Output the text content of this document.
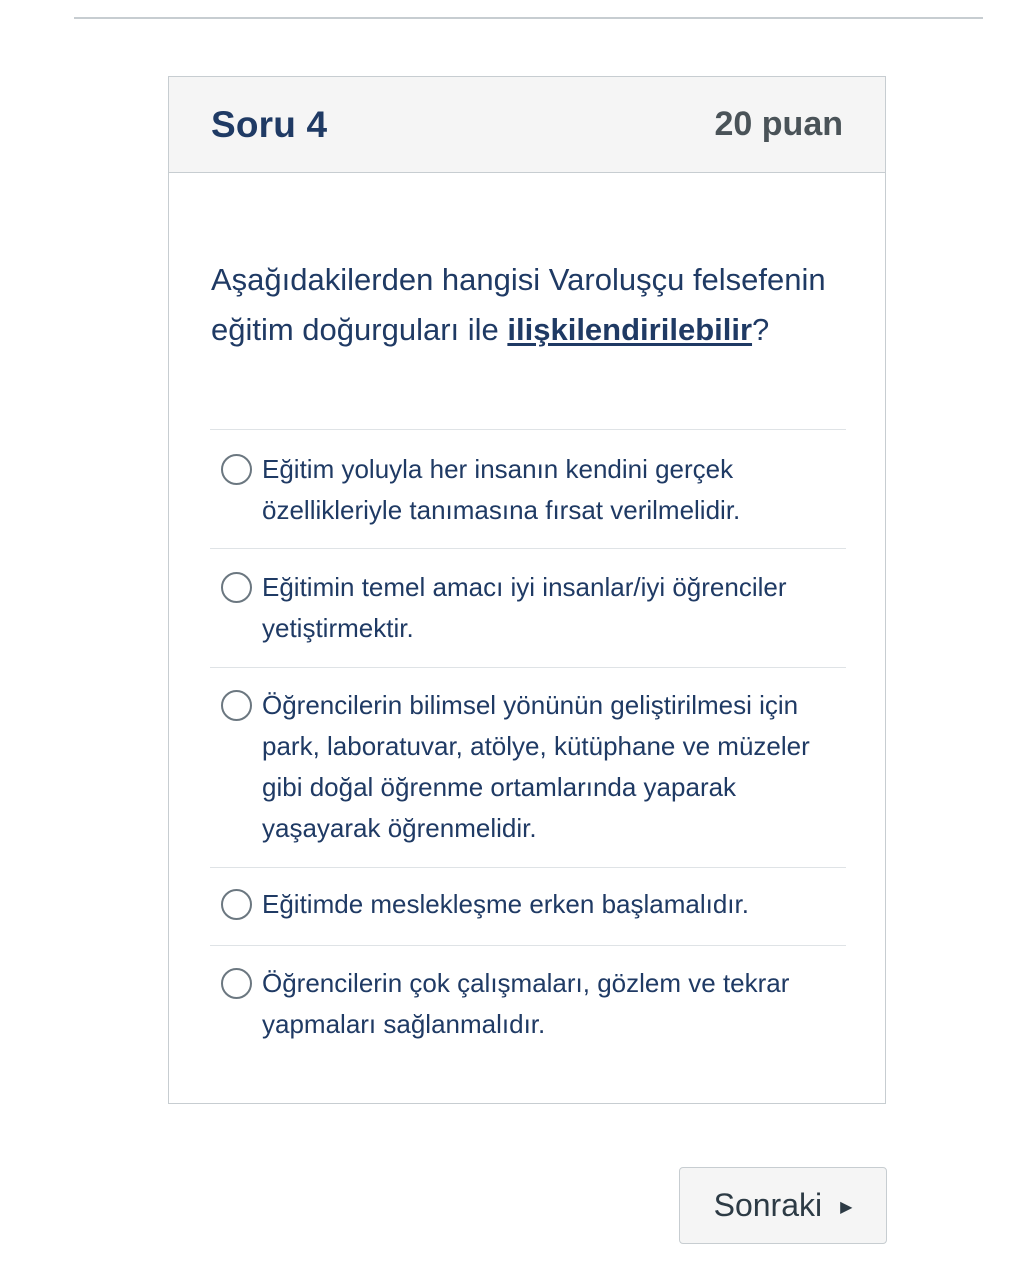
Soru 4	20 puan
Aşağıdakilerden hangisi Varoluşçu felsefenin eğitim doğurguları ile ilişkilendirilebilir?
Eğitim yoluyla her insanın kendini gerçek özellikleriyle tanımasına fırsat verilmelidir.
Eğitimin temel amacı iyi insanlar/iyi öğrenciler yetiştirmektir.
Öğrencilerin bilimsel yönünün geliştirilmesi için park, laboratuvar, atölye, kütüphane ve müzeler gibi doğal öğrenme ortamlarında yaparak yaşayarak öğrenmelidir.
Eğitimde meslekleşme erken başlamalıdır.
Öğrencilerin çok çalışmaları, gözlem ve tekrar yapmaları sağlanmalıdır.
Sonraki ▶
